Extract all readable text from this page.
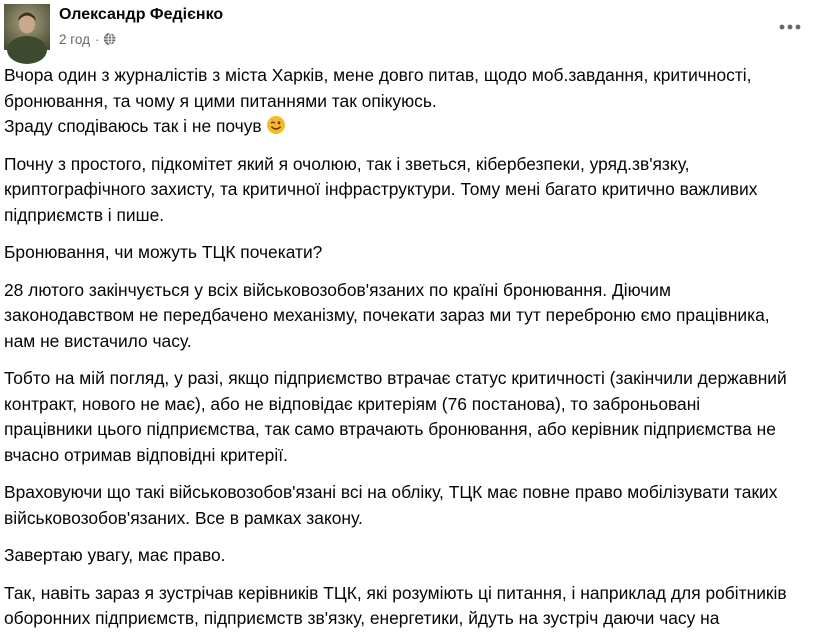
Олександр Федієнко
2 год ·

Вчора один з журналістів з міста Харків, мене довго питав, щодо моб.завдання, критичності,
бронювання, та чому я цими питаннями так опікуюсь.
Зраду сподіваюсь так і не почув

Почну з простого, підкомітет який я очолюю, так і зветься, кібербезпеки, уряд.зв'язку,
криптографічного захисту, та критичної інфраструктури. Тому мені багато критично важливих
підприємств і пише.

Бронювання, чи можуть ТЦК почекати?

28 лютого закінчується у всіх військовозобов'язаних по країні бронювання. Діючим
законодавством не передбачено механізму, почекати зараз ми тут переброню ємо працівника,
нам не вистачило часу.

Тобто на мій погляд, у разі, якщо підприємство втрачає статус критичності (закінчили державний
контракт, нового не має), або не відповідає критеріям (76 постанова), то заброньовані
працівники цього підприємства, так само втрачають бронювання, або керівник підприємства не
вчасно отримав відповідні критерії.

Враховуючи що такі військовозобов'язані всі на обліку, ТЦК має повне право мобілізувати таких
військовозобов'язаних. Все в рамках закону.

Завертаю увагу, має право.

Так, навіть зараз я зустрічав керівників ТЦК, які розуміють ці питання, і наприклад для робітників
оборонних підприємств, підприємств зв'язку, енергетики, йдуть на зустріч даючи часу на
